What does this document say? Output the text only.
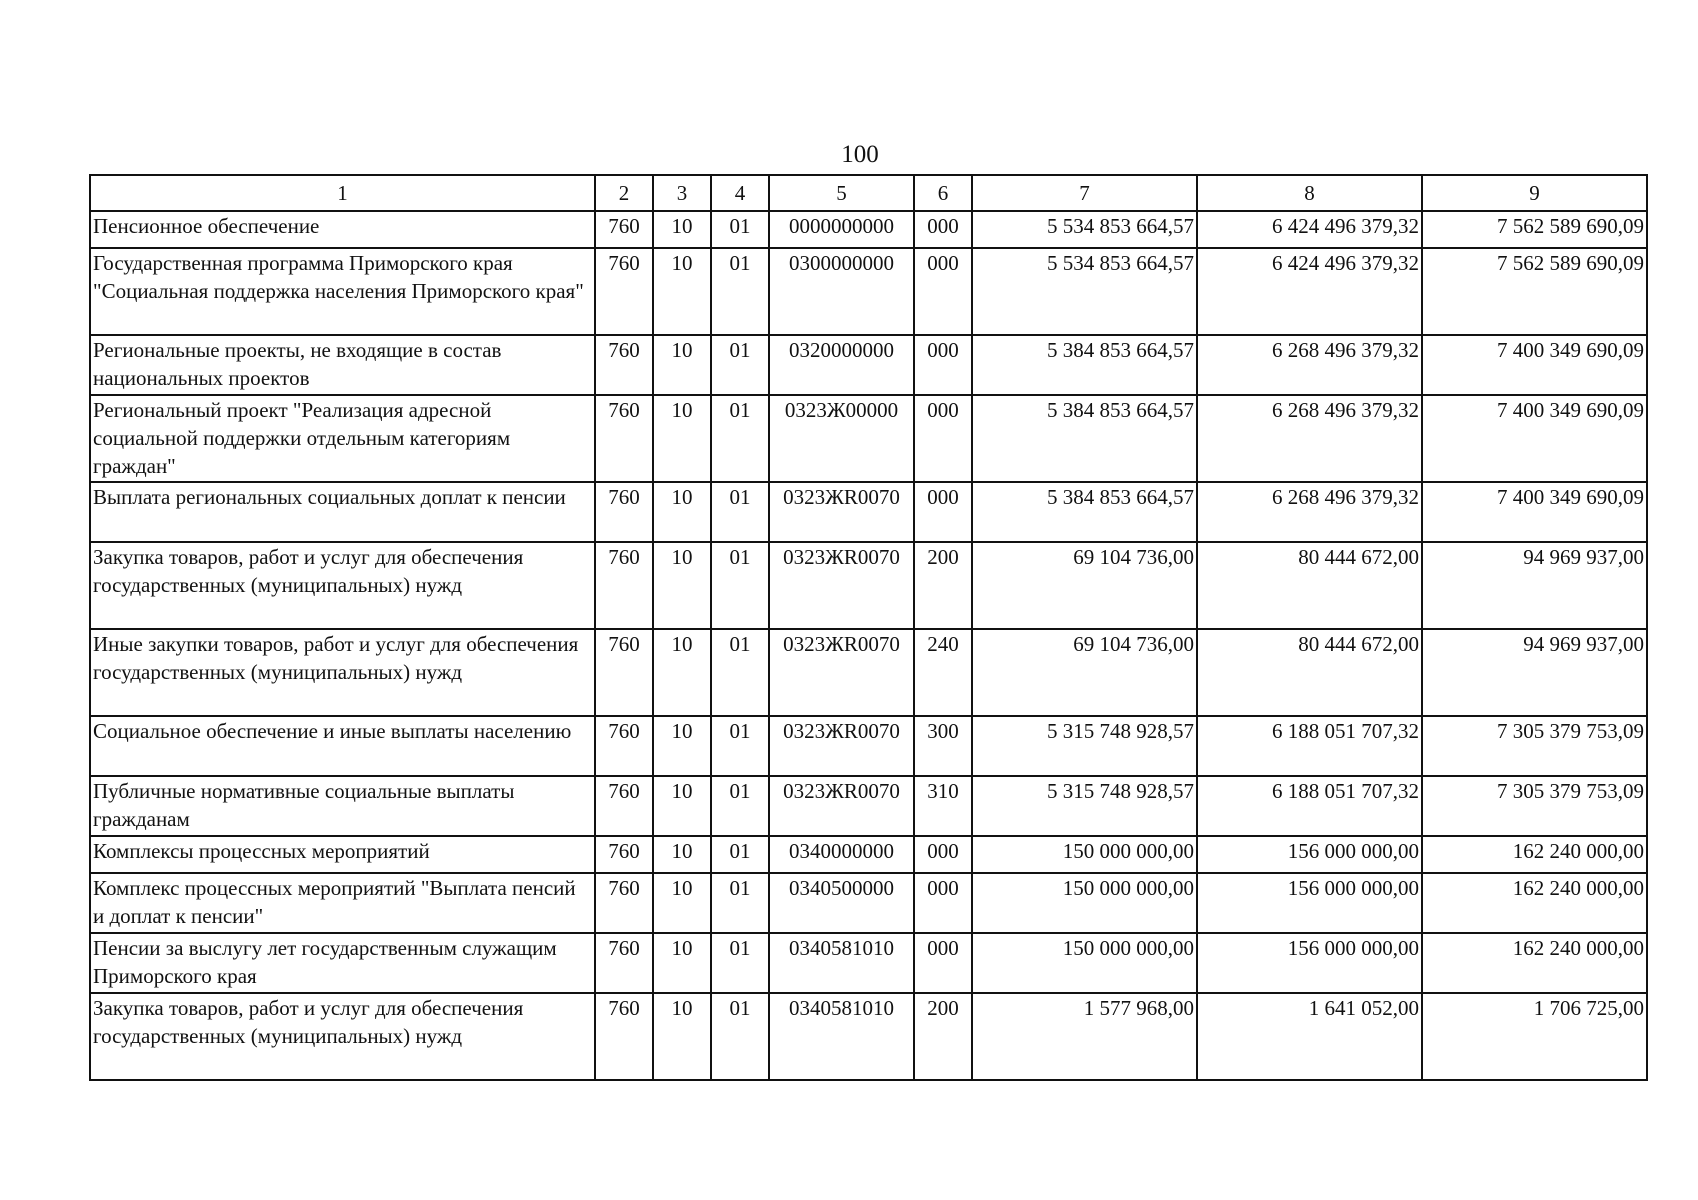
100
1	2	3	4	5	6	7	8	9
Пенсионное обеспечение	760	10	01	0000000000	000	5 534 853 664,57	6 424 496 379,32	7 562 589 690,09
Государственная программа Приморского края "Социальная поддержка населения Приморского края"	760	10	01	0300000000	000	5 534 853 664,57	6 424 496 379,32	7 562 589 690,09
Региональные проекты, не входящие в состав национальных проектов	760	10	01	0320000000	000	5 384 853 664,57	6 268 496 379,32	7 400 349 690,09
Региональный проект "Реализация адресной социальной поддержки отдельным категориям граждан"	760	10	01	0323Ж00000	000	5 384 853 664,57	6 268 496 379,32	7 400 349 690,09
Выплата региональных социальных доплат к пенсии	760	10	01	0323ЖR0070	000	5 384 853 664,57	6 268 496 379,32	7 400 349 690,09
Закупка товаров, работ и услуг для обеспечения государственных (муниципальных) нужд	760	10	01	0323ЖR0070	200	69 104 736,00	80 444 672,00	94 969 937,00
Иные закупки товаров, работ и услуг для обеспечения государственных (муниципальных) нужд	760	10	01	0323ЖR0070	240	69 104 736,00	80 444 672,00	94 969 937,00
Социальное обеспечение и иные выплаты населению	760	10	01	0323ЖR0070	300	5 315 748 928,57	6 188 051 707,32	7 305 379 753,09
Публичные нормативные социальные выплаты гражданам	760	10	01	0323ЖR0070	310	5 315 748 928,57	6 188 051 707,32	7 305 379 753,09
Комплексы процессных мероприятий	760	10	01	0340000000	000	150 000 000,00	156 000 000,00	162 240 000,00
Комплекс процессных мероприятий "Выплата пенсий и доплат к пенсии"	760	10	01	0340500000	000	150 000 000,00	156 000 000,00	162 240 000,00
Пенсии за выслугу лет государственным служащим Приморского края	760	10	01	0340581010	000	150 000 000,00	156 000 000,00	162 240 000,00
Закупка товаров, работ и услуг для обеспечения государственных (муниципальных) нужд	760	10	01	0340581010	200	1 577 968,00	1 641 052,00	1 706 725,00
